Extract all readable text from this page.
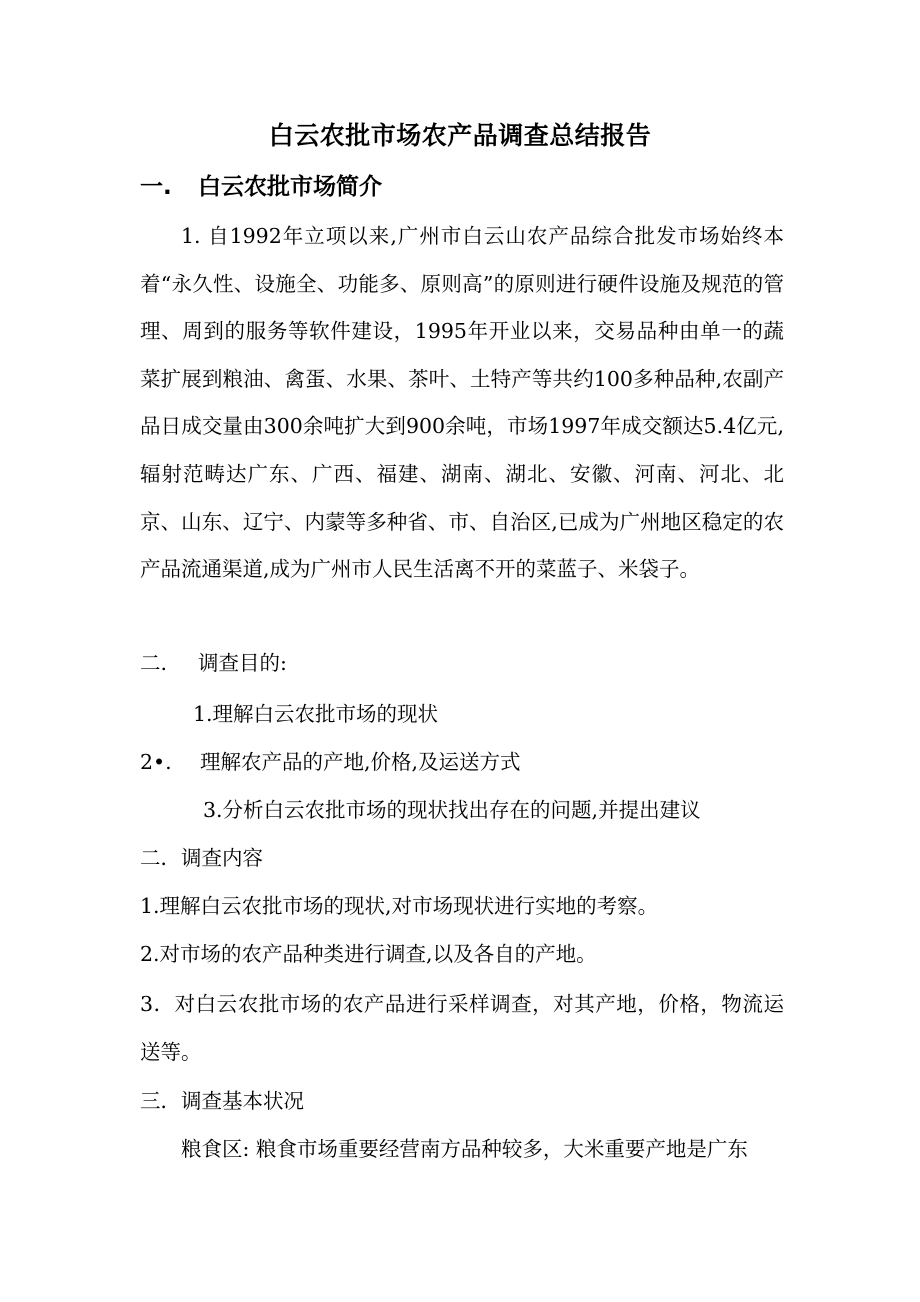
白云农批市场农产品调查总结报告
一. 白云农批市场简介

1. 自1992年立项以来,广州市白云山农产品综合批发市场始终本着“永久性、设施全、功能多、原则高”的原则进行硬件设施及规范的管理、周到的服务等软件建设，1995年开业以来，交易品种由单一的蔬菜扩展到粮油、禽蛋、水果、茶叶、土特产等共约100多种品种,农副产品日成交量由300余吨扩大到900余吨，市场1997年成交额达5.4亿元,辐射范畴达广东、广西、福建、湖南、湖北、安徽、河南、河北、北京、山东、辽宁、内蒙等多种省、市、自治区,已成为广州地区稳定的农产品流通渠道,成为广州市人民生活离不开的菜蓝子、米袋子。

二. 调查目的:
1.理解白云农批市场的现状
2•. 理解农产品的产地,价格,及运送方式
3.分析白云农批市场的现状找出存在的问题,并提出建议
二．调查内容
1.理解白云农批市场的现状,对市场现状进行实地的考察。
2.对市场的农产品种类进行调查,以及各自的产地。

3．对白云农批市场的农产品进行采样调查，对其产地，价格，物流运送等。

三．调查基本状况

粮食区: 粮食市场重要经营南方品种较多，大米重要产地是广东
